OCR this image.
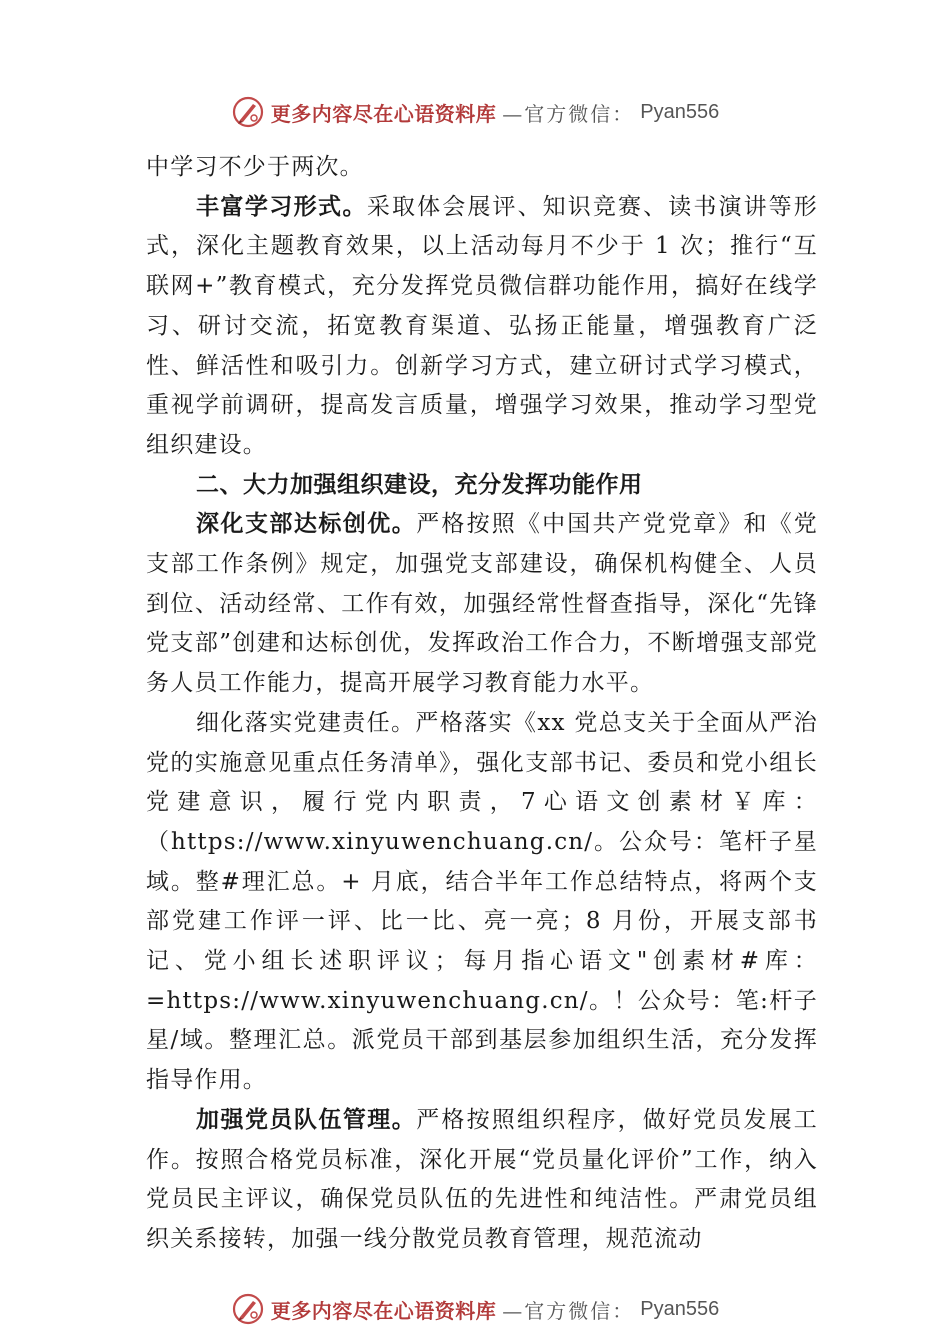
更多内容尽在心语资料库 —官方微信： Pyan556

中学习不少于两次。

丰富学习形式。采取体会展评、知识竞赛、读书演讲等形式，深化主题教育效果，以上活动每月不少于 1 次；推行“互联网+”教育模式，充分发挥党员微信群功能作用，搞好在线学习、研讨交流，拓宽教育渠道、弘扬正能量，增强教育广泛性、鲜活性和吸引力。创新学习方式，建立研讨式学习模式，重视学前调研，提高发言质量，增强学习效果，推动学习型党组织建设。

二、大力加强组织建设，充分发挥功能作用

深化支部达标创优。严格按照《中国共产党党章》和《党支部工作条例》规定，加强党支部建设，确保机构健全、人员到位、活动经常、工作有效，加强经常性督查指导，深化“先锋党支部”创建和达标创优，发挥政治工作合力，不断增强支部党务人员工作能力，提高开展学习教育能力水平。

细化落实党建责任。严格落实《xx 党总支关于全面从严治党的实施意见重点任务清单》，强化支部书记、委员和党小组长党建意识，履行党内职责，7心语文创素材￥库：（https://www.xinyuwenchuang.cn/。公众号：笔杆子星域。整#理汇总。+ 月底，结合半年工作总结特点，将两个支部党建工作评一评、比一比、亮一亮；8 月份，开展支部书记、党小组长述职评议；每月指心语文"创素材#库：=https://www.xinyuwenchuang.cn/。！公众号：笔:杆子星/域。整理汇总。派党员干部到基层参加组织生活，充分发挥指导作用。

加强党员队伍管理。严格按照组织程序，做好党员发展工作。按照合格党员标准，深化开展“党员量化评价”工作，纳入党员民主评议，确保党员队伍的先进性和纯洁性。严肃党员组织关系接转，加强一线分散党员教育管理，规范流动

更多内容尽在心语资料库 —官方微信： Pyan556
